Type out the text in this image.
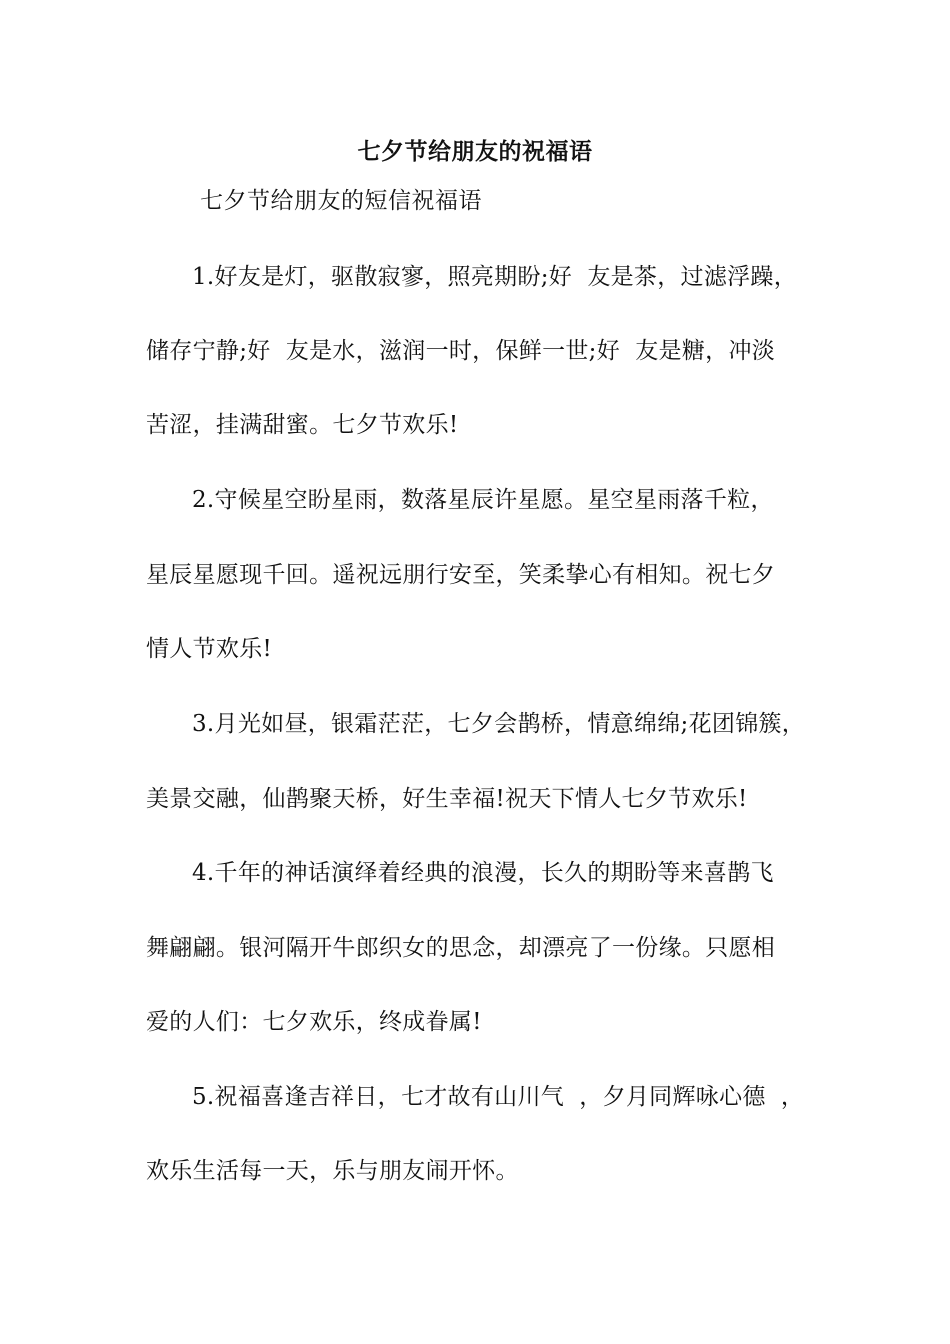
七夕节给朋友的祝福语
七夕节给朋友的短信祝福语
1.好友是灯，驱散寂寥，照亮期盼;好  友是茶，过滤浮躁，
储存宁静;好  友是水，滋润一时，保鲜一世;好  友是糖，冲淡
苦涩，挂满甜蜜。七夕节欢乐!
2.守候星空盼星雨，数落星辰许星愿。星空星雨落千粒，
星辰星愿现千回。遥祝远朋行安至，笑柔挚心有相知。祝七夕
情人节欢乐!
3.月光如昼，银霜茫茫，七夕会鹊桥，情意绵绵;花团锦簇，
美景交融，仙鹊聚天桥，好生幸福!祝天下情人七夕节欢乐!
4.千年的神话演绎着经典的浪漫，长久的期盼等来喜鹊飞
舞翩翩。银河隔开牛郎织女的思念，却漂亮了一份缘。只愿相
爱的人们：七夕欢乐，终成眷属!
5.祝福喜逢吉祥日，七才故有山川气  ，夕月同辉咏心德  ，
欢乐生活每一天，乐与朋友闹开怀。
